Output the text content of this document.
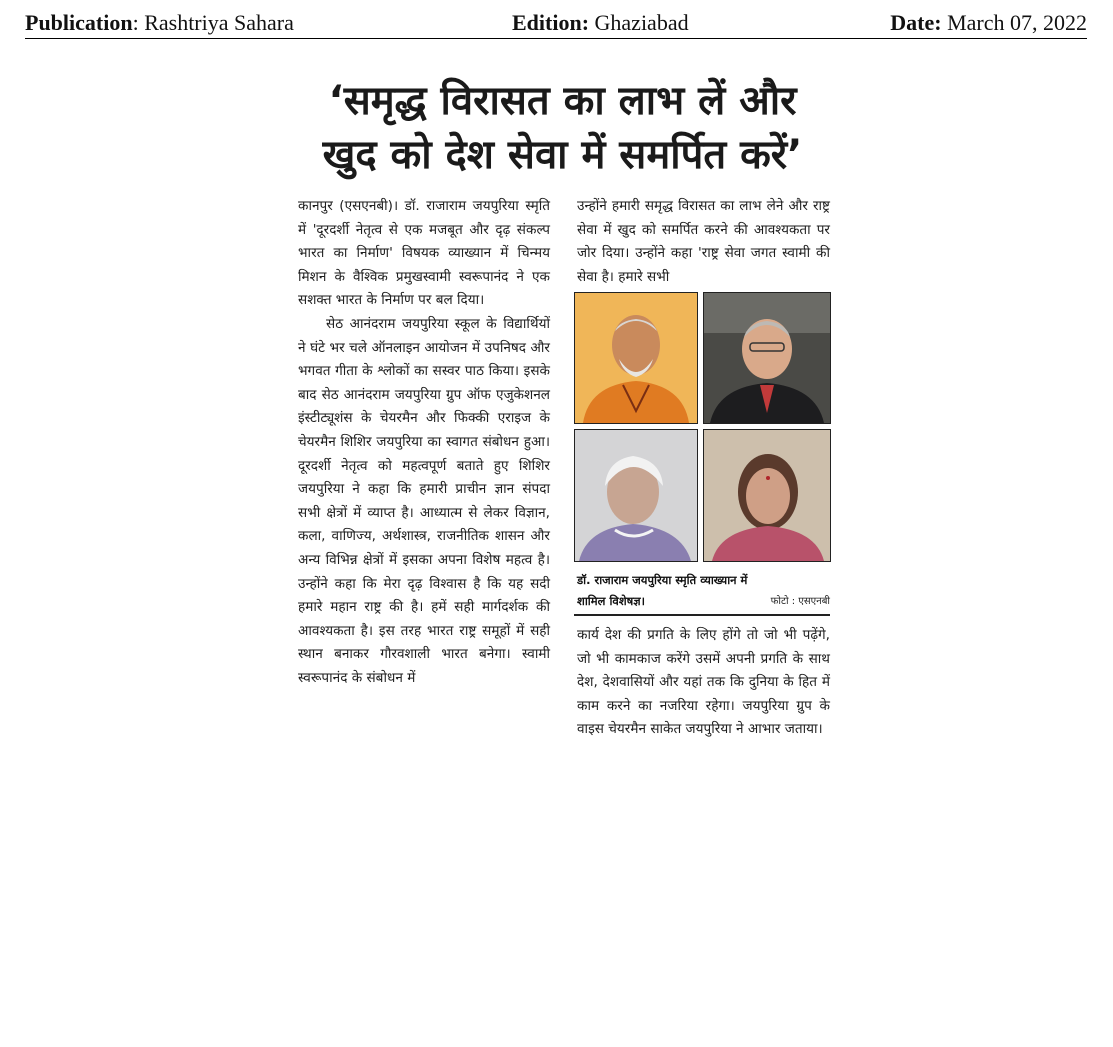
Publication: Rashtriya Sahara	Edition: Ghaziabad	Date: March 07, 2022
‘समृद्ध विरासत का लाभ लें और
खुद को देश सेवा में समर्पित करें’

कानपुर (एसएनबी)। डॉ. राजाराम जयपुरिया स्मृति में 'दूरदर्शी नेतृत्व से एक मजबूत और दृढ़ संकल्प भारत का निर्माण' विषयक व्याख्यान में चिन्मय मिशन के वैश्विक प्रमुखस्वामी स्वरूपानंद ने एक सशक्त भारत के निर्माण पर बल दिया।

सेठ आनंदराम जयपुरिया स्कूल के विद्यार्थियों ने घंटे भर चले ऑनलाइन आयोजन में उपनिषद और भगवत गीता के श्लोकों का सस्वर पाठ किया। इसके बाद सेठ आनंदराम जयपुरिया ग्रुप ऑफ एजुकेशनल इंस्टीट्यूशंस के चेयरमैन और फिक्की एराइज के चेयरमैन शिशिर जयपुरिया का स्वागत संबोधन हुआ। दूरदर्शी नेतृत्व को महत्वपूर्ण बताते हुए शिशिर जयपुरिया ने कहा कि हमारी प्राचीन ज्ञान संपदा सभी क्षेत्रों में व्याप्त है। आध्यात्म से लेकर विज्ञान, कला, वाणिज्य, अर्थशास्त्र, राजनीतिक शासन और अन्य विभिन्न क्षेत्रों में इसका अपना विशेष महत्व है। उन्होंने कहा कि मेरा दृढ़ विश्वास है कि यह सदी हमारे महान राष्ट्र की है। हमें सही मार्गदर्शक की आवश्यकता है। इस तरह भारत राष्ट्र समूहों में सही स्थान बनाकर गौरवशाली भारत बनेगा। स्वामी स्वरूपानंद के संबोधन में

उन्होंने हमारी समृद्ध विरासत का लाभ लेने और राष्ट्र सेवा में खुद को समर्पित करने की आवश्यकता पर जोर दिया। उन्होंने कहा 'राष्ट्र सेवा जगत स्वामी की सेवा है। हमारे सभी

डॉ. राजाराम जयपुरिया स्मृति व्याख्यान में
शामिल विशेषज्ञ।	फोटो : एसएनबी

कार्य देश की प्रगति के लिए होंगे तो जो भी पढ़ेंगे, जो भी कामकाज करेंगे उसमें अपनी प्रगति के साथ देश, देशवासियों और यहां तक कि दुनिया के हित में काम करने का नजरिया रहेगा। जयपुरिया ग्रुप के वाइस चेयरमैन साकेत जयपुरिया ने आभार जताया।
